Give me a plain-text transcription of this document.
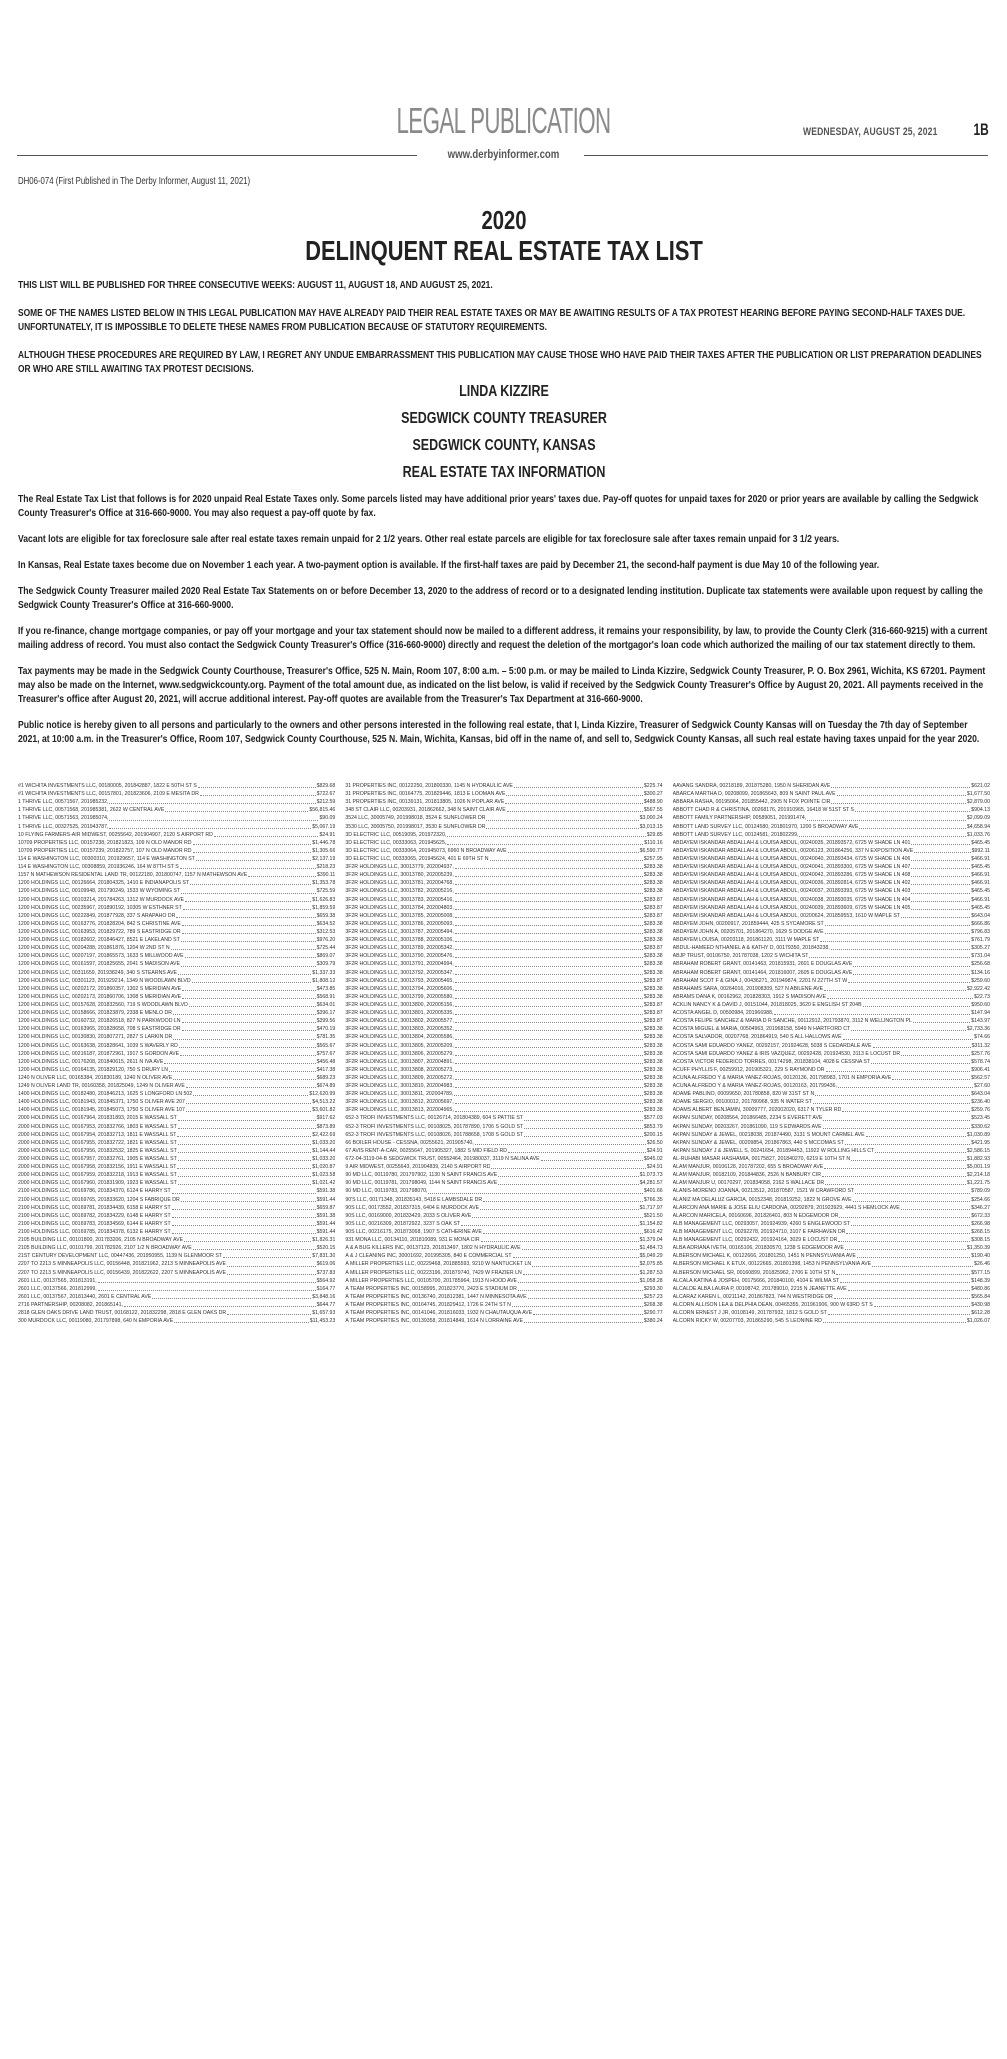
LEGAL PUBLICATION	WEDNESDAY, AUGUST 25, 2021 1B
www.derbyinformer.com
DH06-074 (First Published in The Derby Informer, August 11, 2021)
2020
DELINQUENT REAL ESTATE TAX LIST
THIS LIST WILL BE PUBLISHED FOR THREE CONSECUTIVE WEEKS: AUGUST 11, AUGUST 18, AND AUGUST 25, 2021.
SOME OF THE NAMES LISTED BELOW IN THIS LEGAL PUBLICATION MAY HAVE ALREADY PAID THEIR REAL ESTATE TAXES OR MAY BE AWAITING RESULTS OF A TAX PROTEST HEARING BEFORE PAYING SECOND-HALF TAXES DUE. UNFORTUNATELY, IT IS IMPOSSIBLE TO DELETE THESE NAMES FROM PUBLICATION BECAUSE OF STATUTORY REQUIREMENTS.
ALTHOUGH THESE PROCEDURES ARE REQUIRED BY LAW, I REGRET ANY UNDUE EMBARRASSMENT THIS PUBLICATION MAY CAUSE THOSE WHO HAVE PAID THEIR TAXES AFTER THE PUBLICATION OR LIST PREPARATION DEADLINES OR WHO ARE STILL AWAITING TAX PROTEST DECISIONS.
LINDA KIZZIRE
SEDGWICK COUNTY TREASURER
SEDGWICK COUNTY, KANSAS
REAL ESTATE TAX INFORMATION

The Real Estate Tax List that follows is for 2020 unpaid Real Estate Taxes only. Some parcels listed may have additional prior years' taxes due. Pay-off quotes for unpaid taxes for 2020 or prior years are available by calling the Sedgwick County Treasurer's Office at 316-660-9000. You may also request a pay-off quote by fax.

Vacant lots are eligible for tax foreclosure sale after real estate taxes remain unpaid for 2 1/2 years. Other real estate parcels are eligible for tax foreclosure sale after taxes remain unpaid for 3 1/2 years.

In Kansas, Real Estate taxes become due on November 1 each year. A two-payment option is available. If the first-half taxes are paid by December 21, the second-half payment is due May 10 of the following year.

The Sedgwick County Treasurer mailed 2020 Real Estate Tax Statements on or before December 13, 2020 to the address of record or to a designated lending institution. Duplicate tax statements were available upon request by calling the Sedgwick County Treasurer's Office at 316-660-9000.

If you re-finance, change mortgage companies, or pay off your mortgage and your tax statement should now be mailed to a different address, it remains your responsibility, by law, to provide the County Clerk (316-660-9215) with a current mailing address of record. You must also contact the Sedgwick County Treasurer's Office (316-660-9000) directly and request the deletion of the mortgagor's loan code which authorized the mailing of our tax statement directly to them.

Tax payments may be made in the Sedgwick County Courthouse, Treasurer's Office, 525 N. Main, Room 107, 8:00 a.m. – 5:00 p.m. or may be mailed to Linda Kizzire, Sedgwick County Treasurer, P. O. Box 2961, Wichita, KS 67201. Payment may also be made on the Internet, www.sedgwickcounty.org. Payment of the total amount due, as indicated on the list below, is valid if received by the Sedgwick County Treasurer's Office by August 20, 2021. All payments received in the Treasurer's office after August 20, 2021, will accrue additional interest. Pay-off quotes are available from the Treasurer's Tax Department at 316-660-9000.

Public notice is hereby given to all persons and particularly to the owners and other persons interested in the following real estate, that I, Linda Kizzire, Treasurer of Sedgwick County Kansas will on Tuesday the 7th day of September 2021, at 10:00 a.m. in the Treasurer's Office, Room 107, Sedgwick County Courthouse, 525 N. Main, Wichita, Kansas, bid off in the name of, and sell to, Sedgwick County Kansas, all such real estate having taxes unpaid for the year 2020.

#1 WICHITA INVESTMENTS LLC, 00180005, 201842887, 1822 E 50TH ST S	$829.68
#1 WICHITA INVESTMENTS LLC, 00157801, 201823606, 2109 E MESITA DR	$722.67
1 THRIVE LLC, 00571567, 201985232,	$212.59
1 THRIVE LLC, 00571568, 201985381, 2622 W CENTRAL AVE	$56,815.46
1 THRIVE LLC, 00571563, 201985074,	$90.09
1 THRIVE LLC, 00327525, 201943787,	$5,067.19
10 FLYING FARMERS-AIR MIDWEST, 00255642, 201904907, 2120 S AIRPORT RD	$24.91
10709 PROPERTIES LLC, 00157238, 201821823, 109 N OLD MANOR RD	$1,446.78
10709 PROPERTIES LLC, 00157239, 201822757, 107 N OLD MANOR RD	$1,305.66
114 E WASHINGTON LLC, 00300310, 201929657, 114 E WASHINGTON ST	$2,137.19
114 E WASHINGTON LLC, 00308859, 201936246, 164 W 87TH ST S	$218.23
1157 N MATHEWSON RESIDENTAL LAND TR, 00122180, 201800747, 1157 N MATHEWSON AVE	$390.11
1200 HOLDINGS LLC, 00126664, 201804325, 1410 E INDIANAPOLIS ST	$1,353.78
1200 HOLDINGS LLC, 00109948, 201790249, 1533 W WYOMING ST	$725.59
1200 HOLDINGS LLC, 00103214, 201784263, 1312 W MURDOCK AVE	$1,626.83
1200 HOLDINGS LLC, 00235967, 201890192, 10305 W ESTHNER ST	$1,859.59
1200 HOLDINGS LLC, 00222849, 201877928, 337 S ARAPAHO DR	$659.38
1200 HOLDINGS LLC, 00163776, 201828204, 842 S CHRISTINE AVE	$634.52
1200 HOLDINGS LLC, 00163953, 201829722, 789 S EASTRIDGE DR	$312.53
1200 HOLDINGS LLC, 00182602, 201846427, 8521 E LAKELAND ST	$976.20
1200 HOLDINGS LLC, 00204288, 201861876, 1204 W 2ND ST N	$725.44
1200 HOLDINGS LLC, 00207197, 201865573, 1633 S MILLWOOD AVE	$869.07
1200 HOLDINGS LLC, 00161597, 201825655, 2041 S MADISON AVE	$309.79
1200 HOLDINGS LLC, 00311659, 201938249, 340 S STEARNS AVE	$1,337.33
1200 HOLDINGS LLC, 00301123, 201929214, 1349 N WOODLAWN BLVD	$1,808.12
1200 HOLDINGS LLC, 00202172, 201860357, 1302 S MERIDIAN AVE	$473.85
1200 HOLDINGS LLC, 00202173, 201860706, 1308 S MERIDIAN AVE	$568.91
1200 HOLDINGS LLC, 00157628, 201832560, 719 S WOODLAWN BLVD	$634.01
1200 HOLDINGS LLC, 00158666, 201823879, 2338 E MENLO DR	$396.17
1200 HOLDINGS LLC, 00160732, 201826518, 827 N PARKWOOD LN	$399.56
1200 HOLDINGS LLC, 00163965, 201828658, 708 S EASTRIDGE DR	$470.19
1200 HOLDINGS LLC, 00130830, 201807271, 2827 S LARKIN DR	$781.35
1200 HOLDINGS LLC, 00163638, 201828641, 1039 S WAVERLY RD	$565.67
1200 HOLDINGS LLC, 00216187, 201872961, 1917 S GORDON AVE	$757.67
1200 HOLDINGS LLC, 00176208, 201840615, 2611 N IVA AVE	$456.48
1200 HOLDINGS LLC, 00164135, 201829120, 750 S DRURY LN	$417.38
1240 N OLIVER LLC, 00165384, 201830189, 1240 N OLIVER AVE	$689.23
1249 N OLIVER LAND TR, 00160358, 201825049, 1249 N OLIVER AVE	$674.89
1400 HOLDINGS LLC, 00182480, 201846213, 1625 S LONGFORD LN 502	$12,620.99
1400 HOLDINGS LLC, 00181943, 201845371, 1750 S OLIVER AVE 207	$4,513.22
1400 HOLDINGS LLC, 00181945, 201845073, 1750 S OLIVER AVE 107	$3,601.82
2000 HOLDINGS LLC, 00167964, 201831893, 2015 E WASSALL ST	$917.62
2000 HOLDINGS LLC, 00167953, 201832766, 1803 E WASSALL ST	$873.89
2000 HOLDINGS LLC, 00167954, 201832713, 1811 E WASSALL ST	$2,422.69
2000 HOLDINGS LLC, 00167955, 201832722, 1821 E WASSALL ST	$1,033.20
2000 HOLDINGS LLC, 00167956, 201832532, 1825 E WASSALL ST	$1,144.44
2000 HOLDINGS LLC, 00167957, 201832761, 1905 E WASSALL ST	$1,033.20
2000 HOLDINGS LLC, 00167958, 201832156, 1911 E WASSALL ST	$1,020.87
2000 HOLDINGS LLC, 00167959, 201832218, 1913 E WASSALL ST	$1,023.58
2000 HOLDINGS LLC, 00167960, 201831909, 1923 E WASSALL ST	$1,021.42
2100 HOLDINGS LLC, 00169786, 201834370, 6124 E HARRY ST	$591.38
2100 HOLDINGS LLC, 00169765, 201833620, 1204 S FABRIQUE DR	$591.44
2100 HOLDINGS LLC, 00169781, 201834439, 6158 E HARRY ST	$659.87
2100 HOLDINGS LLC, 00169782, 201834229, 6148 E HARRY ST	$591.38
2100 HOLDINGS LLC, 00169783, 201834569, 6144 E HARRY ST	$591.44
2100 HOLDINGS LLC, 00169785, 201834378, 6132 E HARRY ST	$591.44
2105 BUILDING LLC, 00101800, 201783206, 2105 N BROADWAY AVE	$1,826.31
2105 BUILDING LLC, 00101799, 201782926, 2107 1/2 N BROADWAY AVE	$520.15
21ST CENTURY DEVELOPMENT LLC, 00447436, 201950955, 1139 N GLENMOOR ST	$7,831.30
2207 TO 2213 S MINNEAPOLIS LLC, 00156448, 201821962, 2213 S MINNEAPOLIS AVE	$619.06
2207 TO 2213 S MINNEAPOLIS LLC, 00156439, 201822622, 2207 S MINNEAPOLIS AVE	$737.83
2601 LLC, 00137565, 201813191,	$564.92
2601 LLC, 00137566, 201812999,	$164.77
2601 LLC, 00137567, 201813440, 2601 E CENTRAL AVE	$3,848.16
2716 PARTNERSHIP, 00208082, 201865141,	$644.77
2818 GLEN OAKS DRIVE LAND TRUST, 00168122, 201832298, 2818 E GLEN OAKS DR	$1,657.93
300 MURDOCK LLC, 00119080, 201797898, 640 N EMPORIA AVE	$11,453.23
31 PROPERTIES INC, 00122250, 201800330, 1145 N HYDRAULIC AVE	$225.74
31 PROPERTIES INC, 00164775, 201829446, 1813 E LOOMAN AVE	$300.27
31 PROPERTIES INC, 00139131, 201813805, 1026 N POPLAR AVE	$488.90
348 ST CLAIR LLC, 00203931, 201862662, 348 N SAINT CLAIR AVE	$567.55
3524 LLC, 30005749, 201998018, 3524 E SUNFLOWER DR	$3,000.24
3530 LLC, 30005750, 201998017, 3530 E SUNFLOWER DR	$3,013.15
3D ELECTRIC LLC, 00519095, 201972320,	$29.85
3D ELECTRIC LLC, 00333063, 201945625,	$110.16
3D ELECTRIC LLC, 00333064, 201945073, 6960 N BROADWAY AVE	$6,590.77
3D ELECTRIC LLC, 00333065, 201945624, 401 E 69TH ST N	$257.95
3F2R HOLDINGS LLC, 30013779, 202004937,	$283.38
3F2R HOLDINGS LLC, 30013780, 202005239,	$283.38
3F2R HOLDINGS LLC, 30013781, 202004768,	$283.38
3F2R HOLDINGS LLC, 30013782, 202005216,	$283.38
3F2R HOLDINGS LLC, 30013783, 202005416,	$283.87
3F2R HOLDINGS LLC, 30013784, 202004803,	$283.87
3F2R HOLDINGS LLC, 30013785, 202005008,	$283.87
3F2R HOLDINGS LLC, 30013786, 202005093,	$283.38
3F2R HOLDINGS LLC, 30013787, 202005494,	$283.38
3F2R HOLDINGS LLC, 30013788, 202005106,	$283.38
3F2R HOLDINGS LLC, 30013789, 202005342,	$283.87
3F2R HOLDINGS LLC, 30013790, 202005476,	$283.38
3F2R HOLDINGS LLC, 30013791, 202004994,	$283.38
3F2R HOLDINGS LLC, 30013792, 202005347,	$283.38
3F2R HOLDINGS LLC, 30013793, 202005465,	$283.87
3F2R HOLDINGS LLC, 30013794, 202005606,	$283.38
3F2R HOLDINGS LLC, 30013799, 202005580,	$283.38
3F2R HOLDINGS LLC, 30013800, 202005156,	$283.87
3F2R HOLDINGS LLC, 30013801, 202005335,	$283.87
3F2R HOLDINGS LLC, 30013802, 202005577,	$283.87
3F2R HOLDINGS LLC, 30013803, 202005352,	$283.38
3F2R HOLDINGS LLC, 30013804, 202005586,	$283.38
3F2R HOLDINGS LLC, 30013805, 202005209,	$283.38
3F2R HOLDINGS LLC, 30013806, 202005279,	$283.38
3F2R HOLDINGS LLC, 30013807, 202004891,	$283.38
3F2R HOLDINGS LLC, 30013808, 202005273,	$283.38
3F2R HOLDINGS LLC, 30013809, 202005272,	$283.38
3F2R HOLDINGS LLC, 30013810, 202004983,	$283.38
3F2R HOLDINGS LLC, 30013811, 202004789,	$283.38
3F2R HOLDINGS LLC, 30013812, 202005697,	$283.38
3F2R HOLDINGS LLC, 30013813, 202004965,	$283.38
652-3 TROFI INVESTMENTS LLC, 00126714, 201804389, 604 S PATTIE ST	$577.03
652-3 TROFI INVESTMENTS LLC, 00108025, 201787890, 1706 S GOLD ST	$853.79
652-3 TROFI INVESTMENTS LLC, 00108026, 201788658, 1708 S GOLD ST	$200.15
66 BOILER HOUSE - CESSNA, 00255621, 201905740,	$26.50
67 AVIS RENT-A-CAR, 00255647, 201905327, 1882 S MID FIELD RD	$24.91
672-04-3119-04-B SEDGWICK TRUST, 00552464, 201980037, 3119 N SALINA AVE	$945.02
9 AIR MIDWEST, 00255643, 201904839, 2140 S AIRPORT RD	$24.91
90 MD LLC, 00119780, 201797902, 1130 N SAINT FRANCIS AVE	$1,073.73
90 MD LLC, 00119781, 201798049, 1144 N SAINT FRANCIS AVE	$4,281.57
90 MD LLC, 00119783, 201798070,	$401.66
90'S LLC, 00171348, 201835143, 5418 E LAMBSDALE DR	$766.35
90S LLC, 00173552, 201837315, 6404 E MURDOCK AVE	$1,717.97
90S LLC, 00169000, 201833429, 2033 S OLIVER AVE	$521.50
90S LLC, 00216309, 201872922, 3237 S OAK ST	$1,154.82
90S LLC, 00216175, 201873068, 1907 S CATHERINE AVE	$616.42
931 MONA LLC, 00134110, 201810089, 931 E MONA CIR	$1,379.04
A & A BUG KILLERS INC, 00137123, 201813497, 1802 N HYDRAULIC AVE	$1,484.73
A & J CLEANING INC, 30001692, 201995305, 840 E COMMERCIAL ST	$5,049.29
A MILLER PROPERTIES LLC, 00229468, 201885593, 9210 W NANTUCKET LN	$2,075.85
A MILLER PROPERTIES LLC, 00223196, 201879740, 7429 W FRAZIER LN	$1,287.53
A MILLER PROPERTIES LLC, 00105700, 201785964, 1913 N HOOD AVE	$1,058.28
A TEAM PROPERTIES INC, 00158995, 201823770, 2423 E STADIUM DR	$293.30
A TEAM PROPERTIES INC, 00136740, 201812381, 1447 N MINNESOTA AVE	$257.23
A TEAM PROPERTIES INC, 00164745, 201829412, 1726 E 24TH ST N	$268.38
A TEAM PROPERTIES INC, 00141046, 201816033, 1932 N CHAUTAUQUA AVE	$290.77
A TEAM PROPERTIES INC, 00139358, 201814849, 1614 N LORRAINE AVE	$380.24
AAVANG SANDRA, 00218189, 201875280, 1950 N SHERIDAN AVE	$621.02
ABARCA MARTHA D, 00208099, 201865643, 809 N SAINT PAUL AVE	$1,677.50
ABBARA RASHA, 00195064, 201855442, 2905 N FOX POINTE CIR	$2,879.00
ABBOTT CHAD R & CHRISTINA, 00268176, 201910965, 16418 W 51ST ST S	$904.13
ABBOTT FAMILY PARTNERSHIP, 00589051, 201991474,	$2,099.09
ABBOTT LAND SURVEY LLC, 00124580, 201801970, 1200 S BROADWAY AVE	$4,658.94
ABBOTT LAND SURVEY LLC, 00124581, 201802299,	$1,033.76
ABDAYEM ISKANDAR ABDALLAH & LOUISA ABDUL, 00240035, 201893572, 6725 W SHADE LN 401	$465.45
ABDAYEM ISKANDAR ABDALLAH & LOUISA ABDUL, 00206123, 201864256, 337 N EXPOSITION AVE	$992.11
ABDAYEM ISKANDAR ABDALLAH & LOUISA ABDUL, 00240040, 201893434, 6725 W SHADE LN 406	$466.91
ABDAYEM ISKANDAR ABDALLAH & LOUISA ABDUL, 00240041, 201893300, 6725 W SHADE LN 407	$465.45
ABDAYEM ISKANDAR ABDALLAH & LOUISA ABDUL, 00240042, 201893286, 6725 W SHADE LN 408	$466.91
ABDAYEM ISKANDAR ABDALLAH & LOUISA ABDUL, 00240036, 201892814, 6725 W SHADE LN 402	$466.91
ABDAYEM ISKANDAR ABDALLAH & LOUISA ABDUL, 00240037, 201893393, 6725 W SHADE LN 403	$465.45
ABDAYEM ISKANDAR ABDALLAH & LOUISA ABDUL, 00240038, 201893035, 6725 W SHADE LN 404	$466.91
ABDAYEM ISKANDAR ABDALLAH & LOUISA ABDUL, 00240039, 201893609, 6725 W SHADE LN 405	$465.45
ABDAYEM ISKANDAR ABDALLAH & LOUISA ABDUL, 00200624, 201859553, 1610 W MAPLE ST	$643.04
ABDAYEM JOHN, 00200917, 201859444, 425 S SYCAMORE ST	$666.86
ABDAYEM JOHN A, 00205701, 201864270, 1629 S DODGE AVE	$796.83
ABDAYEM LOUISA, 00203118, 201861120, 3111 W MAPLE ST	$761.79
ABDUL-HAMEED NTHANIEL A & KATHY D, 00179350, 201843238,	$305.27
ABJP TRUST, 00106750, 201787038, 1202 S WICHITA ST	$731.04
ABRAHAM ROBERT GRANT, 00141463, 201815931, 2601 E DOUGLAS AVE	$256.68
ABRAHAM ROBERT GRANT, 00141464, 201816007, 2605 E DOUGLAS AVE	$134.16
ABRAHAM SCOT F & GINA J, 00436271, 201949874, 2201 N 227TH ST W	$259.60
ABRAHAMS SARA, 00264016, 201908309, 527 N ABILENE AVE	$2,922.42
ABRAMS DANA K, 00162962, 201828303, 1912 S MADISON AVE	$22.73
ACKLIN NANCY K & DAVID J, 00151044, 201818025, 3620 E ENGLISH ST 204B	$950.60
ACOSTA ANGEL D, 00500984, 201966988,	$147.94
ACOSTA FELIPE SANCHEZ & MARIA D R SANCHE, 00112912, 201793870, 3112 N WELLINGTON PL	$143.97
ACOSTA MIGUEL & MARIA, 00504963, 201968158, 5949 N HARTFORD CT	$2,733.36
ACOSTA SALVADOR, 00207768, 201864919, 540 S ALL HALLOWS AVE	$74.66
ACOSTA SAMI EDUARDO YANEZ, 00292157, 201924628, 5038 S CEDARDALE AVE	$311.32
ACOSTA SAMI EDUARDO YANEZ & IRIS VAZQUEZ, 00292428, 201924530, 3113 E LOCUST DR	$257.76
ACOSTA VICTOR FEDERICO TORRES, 00174298, 201838104, 4028 E CESSNA ST	$578.74
ACUFF PHYLLIS F, 00259912, 201905321, 229 S RAYMOND DR	$906.41
ACUNA ALFREDO Y & MARIA YANEZ-ROJAS, 00120136, 201798983, 1701 N EMPORIA AVE	$562.57
ACUNA ALFREDO Y & MARIA YANEZ-ROJAS, 00120163, 201799436,	$27.60
ADAME PABLINO, 00099650, 201780858, 820 W 31ST ST N	$643.04
ADAME SERGIO, 00100012, 201780968, 935 N WATER ST	$236.40
ADAMS ALBERT BENJAMIN, 30009777, 202002020, 6317 N TYLER RD	$259.76
AKPAN SUNDAY, 00208564, 201866485, 2234 S EVERETT AVE	$523.45
AKPAN SUNDAY, 00203267, 201861090, 119 S EDWARDS AVE	$330.62
AKPAN SUNDAY & JEWEL, 00218038, 201874490, 3131 S MOUNT CARMEL AVE	$1,030.89
AKPAN SUNDAY & JEWEL, 00209854, 201867863, 440 S MCCOMAS ST	$421.95
AKPAN SUNDAY J & JEWELL S, 00241654, 201894453, 11922 W ROLLING HILLS CT	$2,586.15
AL-RUHABI MASAR HASHAMIA, 00175827, 201840270, 6219 E 10TH ST N	$1,882.93
ALAM MANJUR, 00106128, 201787202, 655 S BROADWAY AVE	$5,001.19
ALAM MANJUR, 00182109, 201844836, 2526 N BANBURY CIR	$2,214.18
ALAM MANJUR U, 00170297, 201834058, 2162 S WALLACE DR	$1,221.75
ALANIS-MORENO JOANNA, 00213512, 201870587, 1521 W CRAWFORD ST	$789.09
ALANIZ MA DELALUZ GARCIA, 00152348, 201819252, 1822 N GROVE AVE	$254.66
ALARCON ANA MARIE & JOSE ELIU CARDONA, 00292879, 201923929, 4441 S HEMLOCK AVE	$346.27
ALARCON MARICELA, 00160696, 201826401, 803 N EDGEMOOR DR	$672.33
ALB MANAGEMENT LLC, 00293057, 201924939, 4260 S ENGLEWOOD ST	$266.98
ALB MANAGEMENT LLC, 00292278, 201924710, 3107 E FAIRHAVEN DR	$268.15
ALB MANAGEMENT LLC, 00292432, 201924164, 3029 E LOCUST DR	$308.15
ALBA ADRIANA IVETH, 00165106, 201830570, 1238 S EDGEMOOR AVE	$1,350.39
ALBERSON MICHAEL K, 00122666, 201801250, 1451 N PENNSYLVANIA AVE	$190.40
ALBERSON MICHAEL K ETUX, 00122665, 201801398, 1453 N PENNSYLVANIA AVE	$26.46
ALBERSON MICHAEL SR, 00160899, 201825962, 2706 E 10TH ST N	$577.15
ALCALA KATINA & JOSPEH, 00175666, 201840100, 4104 E WILMA ST	$148.39
ALCALDE ALBA LAURA P, 00108742, 201789010, 2215 N JEANETTE AVE	$480.86
ALCARAZ KAREN L, 00211142, 201867823, 744 N WESTRIDGE DR	$565.84
ALCORN ALLISON LEA & DELPHIA DEAN, 00465355, 201961906, 900 W 63RD ST S	$430.98
ALCORN ERNEST J JR, 00108149, 201787932, 1812 S GOLD ST	$612.28
ALCORN RICKY W, 00207703, 201865290, 545 S LEONINE RD	$1,026.07
